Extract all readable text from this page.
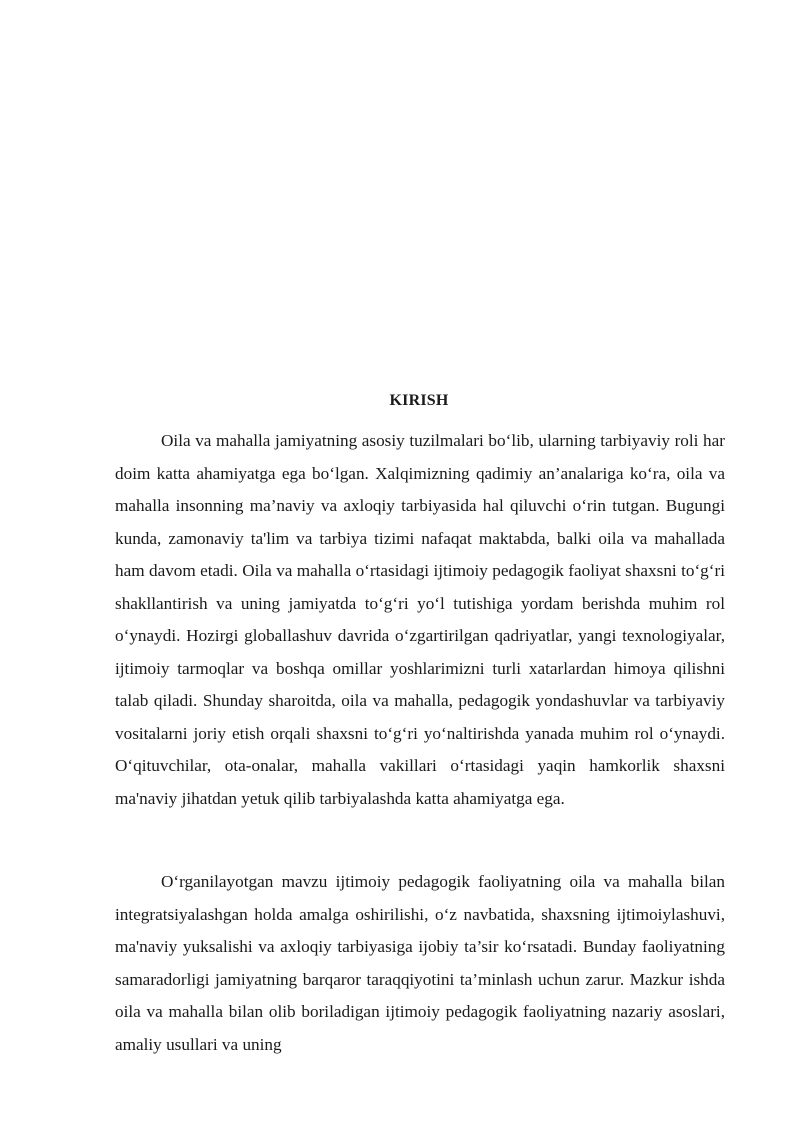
KIRISH

Oila va mahalla jamiyatning asosiy tuzilmalari bo‘lib, ularning tarbiyaviy roli har doim katta ahamiyatga ega bo‘lgan. Xalqimizning qadimiy an’analariga ko‘ra, oila va mahalla insonning ma’naviy va axloqiy tarbiyasida hal qiluvchi o‘rin tutgan. Bugungi kunda, zamonaviy ta'lim va tarbiya tizimi nafaqat maktabda, balki oila va mahallada ham davom etadi. Oila va mahalla o‘rtasidagi ijtimoiy pedagogik faoliyat shaxsni to‘g‘ri shakllantirish va uning jamiyatda to‘g‘ri yo‘l tutishiga yordam berishda muhim rol o‘ynaydi. Hozirgi globallashuv davrida o‘zgartirilgan qadriyatlar, yangi texnologiyalar, ijtimoiy tarmoqlar va boshqa omillar yoshlarimizni turli xatarlardan himoya qilishni talab qiladi. Shunday sharoitda, oila va mahalla, pedagogik yondashuvlar va tarbiyaviy vositalarni joriy etish orqali shaxsni to‘g‘ri yo‘naltirishda yanada muhim rol o‘ynaydi. O‘qituvchilar, ota-onalar, mahalla vakillari o‘rtasidagi yaqin hamkorlik shaxsni ma'naviy jihatdan yetuk qilib tarbiyalashda katta ahamiyatga ega.

O‘rganilayotgan mavzu ijtimoiy pedagogik faoliyatning oila va mahalla bilan integratsiyalashgan holda amalga oshirilishi, o‘z navbatida, shaxsning ijtimoiylashuvi, ma'naviy yuksalishi va axloqiy tarbiyasiga ijobiy ta’sir ko‘rsatadi. Bunday faoliyatning samaradorligi jamiyatning barqaror taraqqiyotini ta’minlash uchun zarur. Mazkur ishda oila va mahalla bilan olib boriladigan ijtimoiy pedagogik faoliyatning nazariy asoslari, amaliy usullari va uning
